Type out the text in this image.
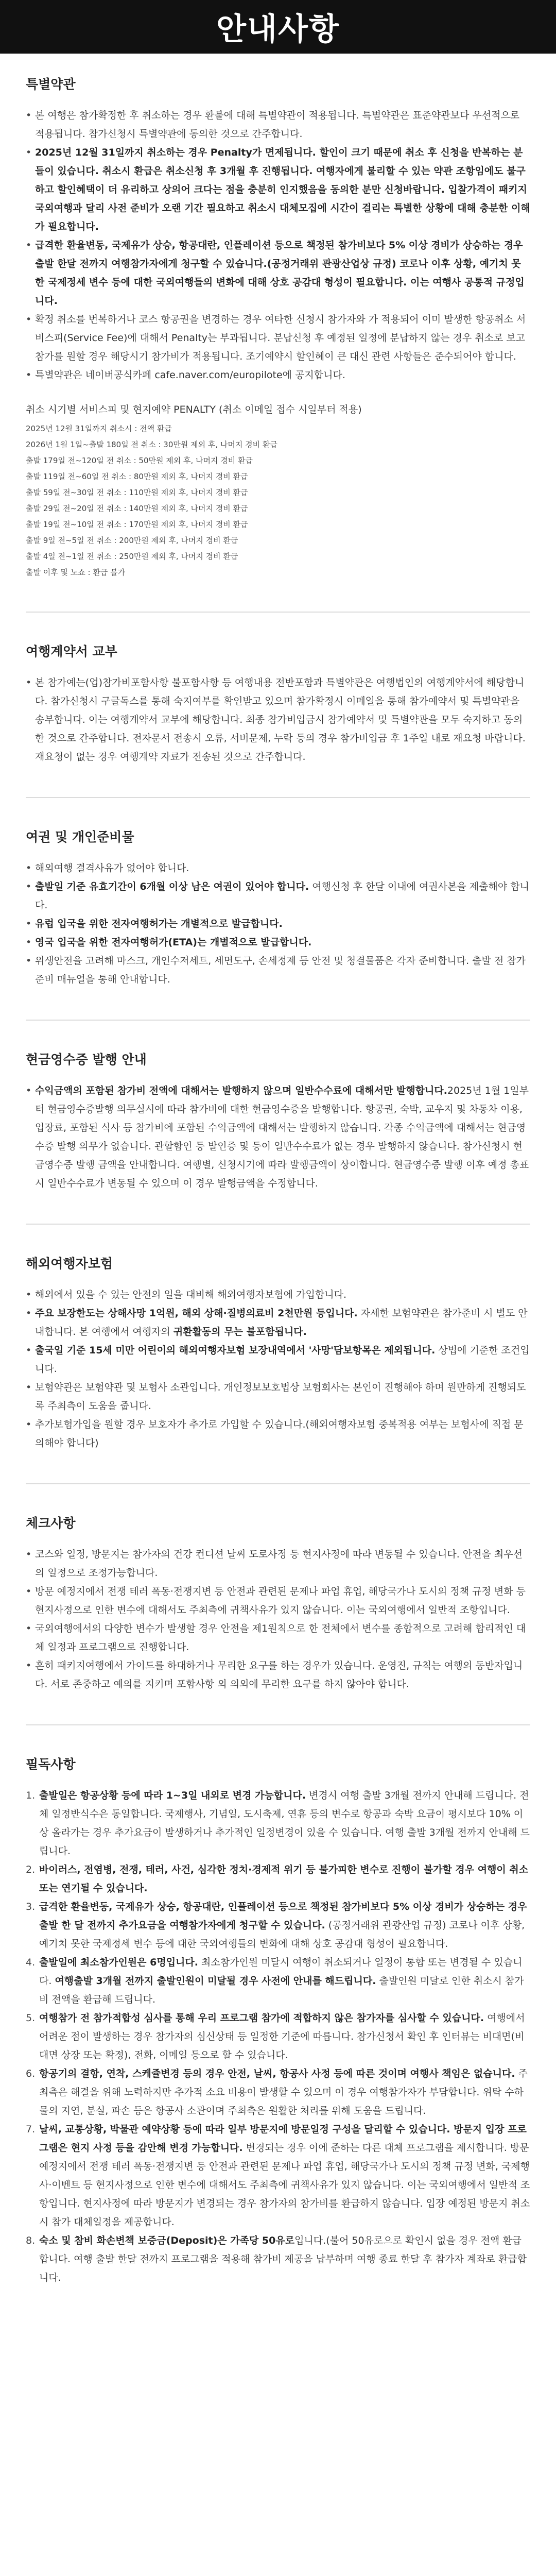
안내사항
특별약관
• 본 여행은 참가확정한 후 취소하는 경우 환불에 대해 특별약관이 적용됩니다. 특별약관은 표준약관보다 우선적으로 적용됩니다. 참가신청시 특별약관에 동의한 것으로 간주합니다.
• 2025년 12월 31일까지 취소하는 경우 Penalty가 면제됩니다. 할인이 크기 때문에 취소 후 신청을 반복하는 분들이 있습니다. 취소시 환급은 취소신청 후 3개월 후 진행됩니다. 여행자에게 불리할 수 있는 약관 조항임에도 불구하고 할인혜택이 더 유리하고 상의어 크다는 점을 충분히 인지했음을 동의한 분만 신청바랍니다. 입찰가격이 패키지 국외여행과 달리 사전 준비가 오랜 기간 필요하고 취소시 대체모집에 시간이 걸리는 특별한 상황에 대해 충분한 이해가 필요합니다.
• 급격한 환율변동, 국제유가 상승, 항공대란, 인플레이션 등으로 책정된 참가비보다 5% 이상 경비가 상승하는 경우 출발 한달 전까지 여행참가자에게 청구할 수 있습니다.(공정거래위 관광산업상 규정) 코로나 이후 상황, 예기치 못한 국제정세 변수 등에 대한 국외여행들의 변화에 대해 상호 공감대 형성이 필요합니다. 이는 여행사 공통적 규정입니다.
• 확정 취소를 번복하거나 코스 항공권을 변경하는 경우 여타한 신청시 참가자와 가 적용되어 이미 발생한 항공취소 서비스피(Service Fee)에 대해서 Penalty는 부과됩니다. 분납신청 후 예정된 일정에 분납하지 않는 경우 취소로 보고 참가를 원할 경우 해당시기 참가비가 적용됩니다. 조기예약시 할인혜이 큰 대신 관련 사항들은 준수되어야 합니다.
• 특별약관은 네이버공식카페 cafe.naver.com/europilote에 공지합니다.
취소 시기별 서비스피 및 현지예약 PENALTY (취소 이메일 접수 시일부터 적용)

2025년 12월 31일까지 취소시 : 전액 환급

2026년 1월 1일~출발 180일 전 취소 : 30만원 제외 후, 나머지 경비 환급

출발 179일 전~120일 전 취소 : 50만원 제외 후, 나머지 경비 환급

출발 119일 전~60일 전 취소 : 80만원 제외 후, 나머지 경비 환급

출발 59일 전~30일 전 취소 : 110만원 제외 후, 나머지 경비 환급

출발 29일 전~20일 전 취소 : 140만원 제외 후, 나머지 경비 환급

출발 19일 전~10일 전 취소 : 170만원 제외 후, 나머지 경비 환급

출발 9일 전~5일 전 취소 : 200만원 제외 후, 나머지 경비 환급

출발 4일 전~1일 전 취소 : 250만원 제외 후, 나머지 경비 환급

출발 이후 및 노쇼 : 환급 불가

여행계약서 교부
• 본 참가예는(업)참가비포함사항 불포함사항 등 여행내용 전반포함과 특별약관은 여행법인의 여행계약서에 해당합니다. 참가신청시 구글독스를 통해 숙지여부를 확인받고 있으며 참가확정시 이메일을 통해 참가예약서 및 특별약관을 송부합니다. 이는 여행계약서 교부에 해당합니다. 최종 참가비입금시 참가예약서 및 특별약관을 모두 숙지하고 동의한 것으로 간주합니다. 전자문서 전송시 오류, 서버문제, 누락 등의 경우 참가비입금 후 1주일 내로 재요청 바랍니다. 재요청이 없는 경우 여행계약 자료가 전송된 것으로 간주합니다.
여권 및 개인준비물
• 해외여행 결격사유가 없어야 합니다.
• 출발일 기준 유효기간이 6개월 이상 남은 여권이 있어야 합니다. 여행신청 후 한달 이내에 여권사본을 제출해야 합니다.
• 유럽 입국을 위한 전자여행허가는 개별적으로 발급합니다.
• 영국 입국을 위한 전자여행허가(ETA)는 개별적으로 발급합니다.
• 위생안전을 고려해 마스크, 개인수저세트, 세면도구, 손세정제 등 안전 및 청결물품은 각자 준비합니다. 출발 전 참가준비 매뉴얼을 통해 안내합니다.
현금영수증 발행 안내
• 수익금액의 포함된 참가비 전액에 대해서는 발행하지 않으며 일반수수료에 대해서만 발행합니다.2025년 1월 1일부터 현금영수증발행 의무실시에 따라 참가비에 대한 현금영수증을 발행합니다. 항공권, 숙박, 교우지 및 차동차 이용, 입장료, 포함된 식사 등 참가비에 포함된 수익금액에 대해서는 발행하지 않습니다. 각종 수익금액에 대해서는 현금영수증 발행 의무가 없습니다. 관할함인 등 발인증 및 등이 일반수수료가 없는 경우 발행하지 않습니다. 참가신청시 현금영수증 발행 금액을 안내합니다. 여행별, 신청시기에 따라 발행금액이 상이합니다. 현금영수증 발행 이후 예정 총표시 일반수수료가 변동될 수 있으며 이 경우 발행금액을 수정합니다.
해외여행자보험
• 해외에서 있을 수 있는 안전의 일을 대비해 해외여행자보험에 가입합니다.
• 주요 보장한도는 상해사망 1억원, 해외 상해·질병의료비 2천만원 등입니다. 자세한 보험약관은 참가준비 시 별도 안내합니다. 본 여행에서 여행자의 귀환활동의 무는 불포함됩니다.
• 출국일 기준 15세 미만 어린이의 해외여행자보험 보장내역에서 '사망'담보항목은 제외됩니다. 상법에 기준한 조건입니다.
• 보험약관은 보험약관 및 보험사 소관입니다. 개인정보보호법상 보험회사는 본인이 진행해야 하며 원만하게 진행되도록 주최측이 도움을 줍니다.
• 추가보험가입을 원할 경우 보호자가 추가로 가입할 수 있습니다.(해외여행자보험 중복적용 여부는 보험사에 직접 문의해야 합니다)
체크사항
• 코스와 일정, 방문지는 참가자의 건강 컨디션 날씨 도로사정 등 현지사정에 따라 변동될 수 있습니다. 안전을 최우선의 일정으로 조정가능합니다.
• 방문 예정지에서 전쟁 테러 폭동·전쟁지변 등 안전과 관련된 문제나 파업 휴업, 해당국가나 도시의 정책 규정 변화 등 현지사정으로 인한 변수에 대해서도 주최측에 귀책사유가 있지 않습니다. 이는 국외여행에서 일반적 조항입니다.
• 국외여행에서의 다양한 변수가 발생할 경우 안전을 제1원칙으로 한 전체에서 변수를 종합적으로 고려해 합리적인 대체 일정과 프로그램으로 진행합니다.
• 흔히 패키지여행에서 가이드를 하대하거나 무리한 요구를 하는 경우가 있습니다. 운영진, 규칙는 여행의 동반자입니다. 서로 존중하고 예의를 지키며 포함사항 외 의외에 무리한 요구를 하지 않아야 합니다.
필독사항
1. 출발일은 항공상황 등에 따라 1~3일 내외로 변경 가능합니다. 변경시 여행 출발 3개월 전까지 안내해 드립니다. 전체 일정반식수은 동일합니다. 국제행사, 기념일, 도시축제, 연휴 등의 변수로 항공과 숙박 요금이 평시보다 10% 이상 올라가는 경우 추가요금이 발생하거나 추가적인 일정변경이 있을 수 있습니다. 여행 출발 3개월 전까지 안내해 드립니다.
2. 바이러스, 전염병, 전쟁, 테러, 사건, 심각한 정치·경제적 위기 등 불가피한 변수로 진행이 불가할 경우 여행이 취소 또는 연기될 수 있습니다.
3. 급격한 환율변동, 국제유가 상승, 항공대란, 인플레이션 등으로 책정된 참가비보다 5% 이상 경비가 상승하는 경우 출발 한 달 전까지 추가요금을 여행참가자에게 청구할 수 있습니다. (공정거래위 관광산업 규정) 코로나 이후 상황, 예기치 못한 국제정세 변수 등에 대한 국외여행들의 변화에 대해 상호 공감대 형성이 필요합니다.
4. 출발일에 최소참가인원은 6명입니다. 최소참가인원 미달시 여행이 취소되거나 일정이 통합 또는 변경될 수 있습니다. 여행출발 3개월 전까지 출발인원이 미달될 경우 사전에 안내를 해드립니다. 출발인원 미달로 인한 취소시 참가비 전액을 환급해 드립니다.
5. 여행참가 전 참가적합성 심사를 통해 우리 프로그램 참가에 적합하지 않은 참가자를 심사할 수 있습니다. 여행에서 어려운 점이 발생하는 경우 참가자의 심신상태 등 일정한 기준에 따릅니다. 참가신청서 확인 후 인터뷰는 비대면(비대면 상장 또는 확정), 전화, 이메일 등으로 할 수 있습니다.
6. 항공기의 결항, 연착, 스케쥴변경 등의 경우 안전, 날씨, 항공사 사정 등에 따른 것이며 여행사 책임은 없습니다. 주최측은 해결을 위해 노력하지만 추가적 소요 비용이 발생할 수 있으며 이 경우 여행참가자가 부담합니다. 위탁 수하물의 지연, 분실, 파손 등은 항공사 소관이며 주최측은 원활한 처리를 위해 도움을 드립니다.
7. 날씨, 교통상황, 박물관 예약상황 등에 따라 일부 방문지에 방문일정 구성을 달리할 수 있습니다. 방문지 입장 프로그램은 현지 사정 등을 감안해 변경 가능합니다. 변경되는 경우 이에 준하는 다른 대체 프로그램을 제시합니다. 방문 예정지에서 전쟁 테러 폭동·전쟁지변 등 안전과 관련된 문제나 파업 휴업, 해당국가나 도시의 정책 규정 변화, 국제행사·이벤트 등 현지사정으로 인한 변수에 대해서도 주최측에 귀책사유가 있지 않습니다. 이는 국외여행에서 일반적 조항입니다. 현지사정에 따라 방문지가 변경되는 경우 참가자의 참가비를 환급하지 않습니다. 입장 예정된 방문지 취소시 참가 대체일정을 제공합니다.
8. 숙소 및 참비 화손변책 보증금(Deposit)은 가족당 50유로입니다.(불어 50유로으로 확인시 없을 경우 전액 환급합니다. 여행 출발 한달 전까지 프로그램을 적용해 참가비 제공을 납부하며 여행 종료 한달 후 참가자 계좌로 환급합니다.
